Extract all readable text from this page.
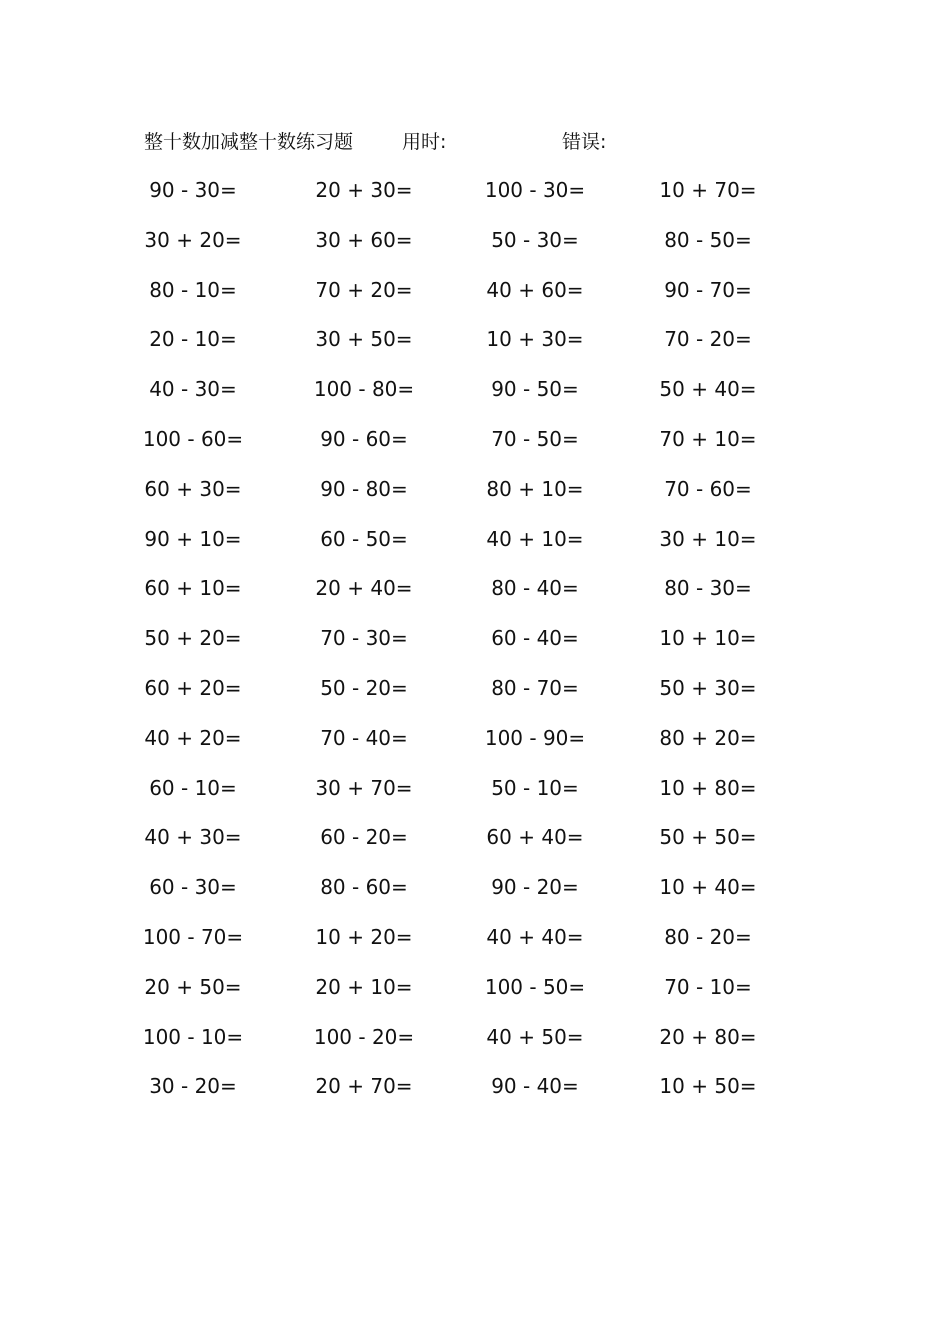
整十数加减整十数练习题	用时:	错误:
90 - 30=	20 + 30=	100 - 30=	10 + 70=
30 + 20=	30 + 60=	50 - 30=	80 - 50=
80 - 10=	70 + 20=	40 + 60=	90 - 70=
20 - 10=	30 + 50=	10 + 30=	70 - 20=
40 - 30=	100 - 80=	90 - 50=	50 + 40=
100 - 60=	90 - 60=	70 - 50=	70 + 10=
60 + 30=	90 - 80=	80 + 10=	70 - 60=
90 + 10=	60 - 50=	40 + 10=	30 + 10=
60 + 10=	20 + 40=	80 - 40=	80 - 30=
50 + 20=	70 - 30=	60 - 40=	10 + 10=
60 + 20=	50 - 20=	80 - 70=	50 + 30=
40 + 20=	70 - 40=	100 - 90=	80 + 20=
60 - 10=	30 + 70=	50 - 10=	10 + 80=
40 + 30=	60 - 20=	60 + 40=	50 + 50=
60 - 30=	80 - 60=	90 - 20=	10 + 40=
100 - 70=	10 + 20=	40 + 40=	80 - 20=
20 + 50=	20 + 10=	100 - 50=	70 - 10=
100 - 10=	100 - 20=	40 + 50=	20 + 80=
30 - 20=	20 + 70=	90 - 40=	10 + 50=
